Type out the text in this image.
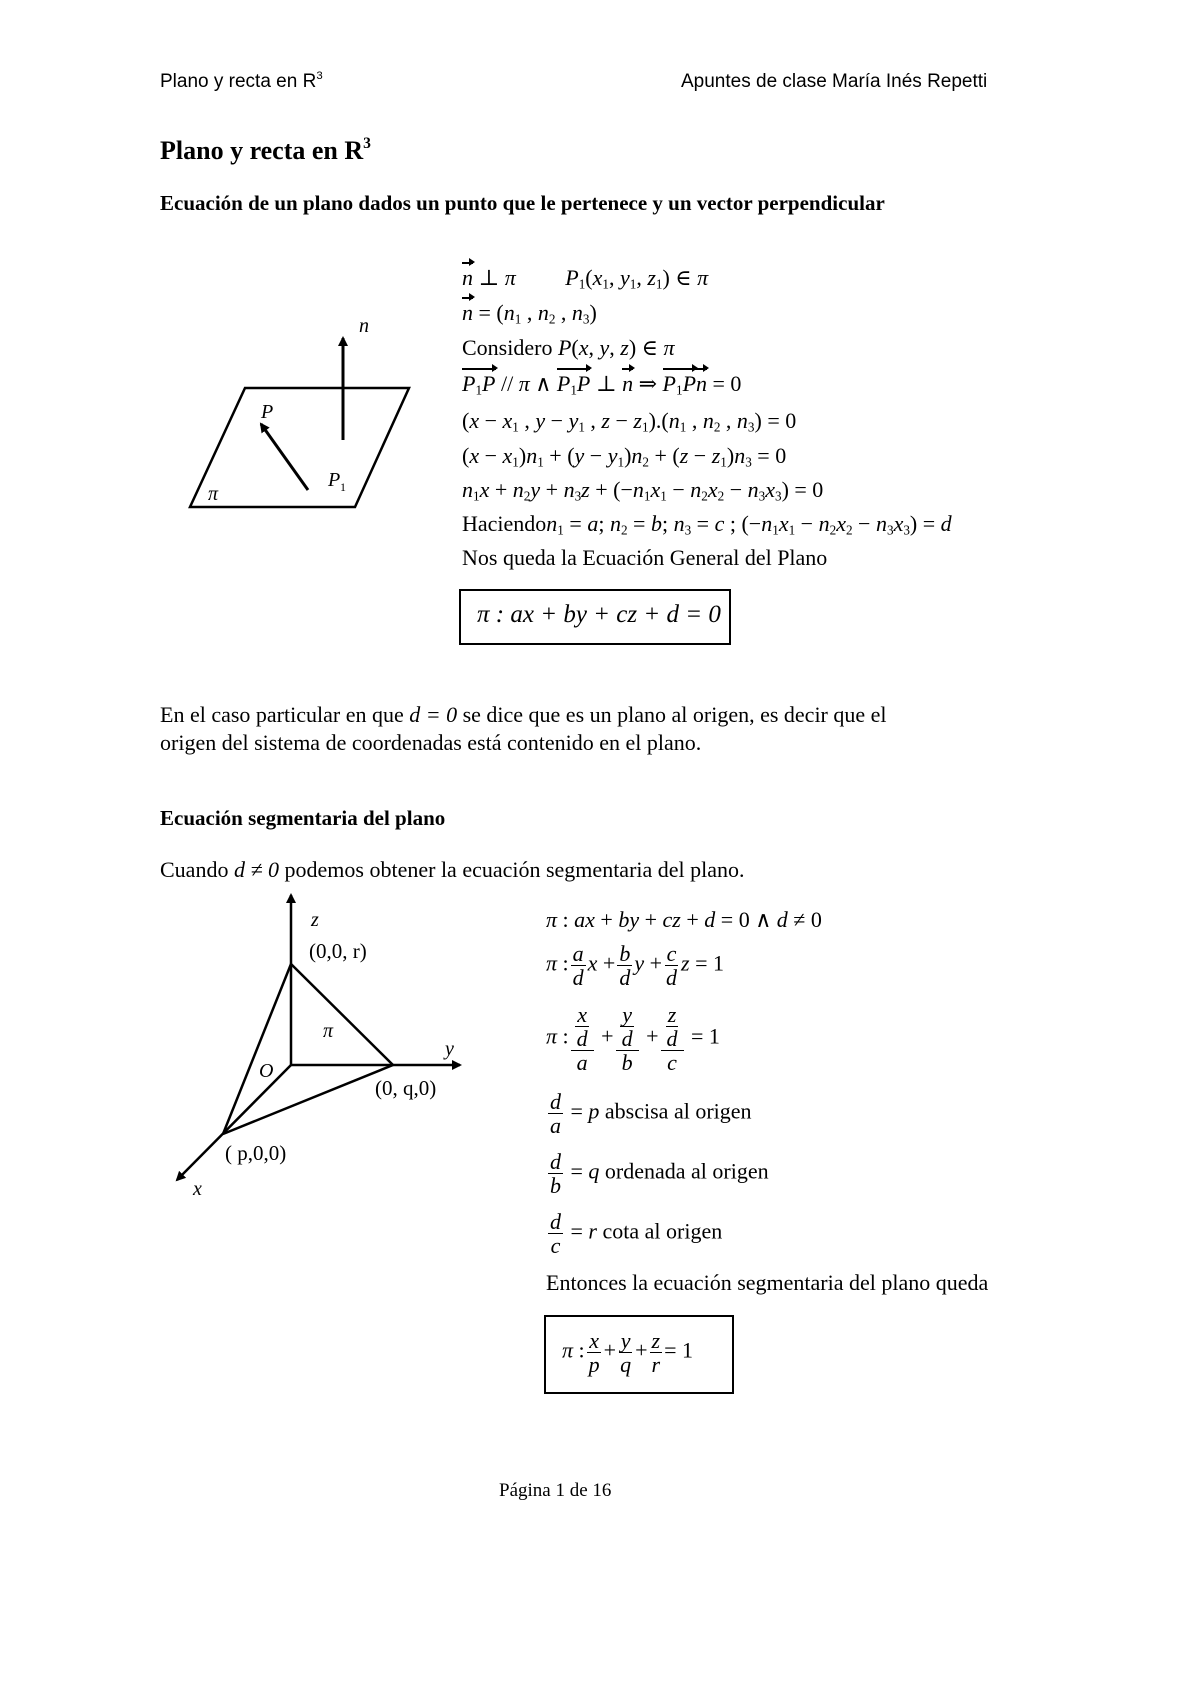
Plano y recta en $R^3$	Apuntes de clase María Inés Repetti
Plano y recta en $R^3$
Ecuación de un plano dados un punto que le pertenece y un vector perpendicular
n
P
P 1
π
n ⊥ π $P_1(x_1$, $y_1$, $z_1$) ∈ π
$n = (n_1$ , $n_2$ , $n_3$)
Considero P(x, y, z) ∈ π
$P_1P$ // π ∧ $P_1P$ ⊥ n ⇒ $P_1Pn = 0$
($x - x_1$ , $y - y_1$ , $z - z_1).(n_1$ , $n_2$ , $n_3) = 0$
$(x - x_1)n_1 + (y - y_1)n_2 + (z - z_1)n_3 = 0$
$n_1x + n_2y + n_3z + (-n_1x_1 - n_2x_2 - n_3x_3) = 0$
Haciendon$_1$ = a; $n_2 = b$; $n_3 = c$ ; $(-n_1x_1 - n_2x_2 - n_3x_3) = d$
Nos queda la Ecuación General del Plano
π : ax + by + cz + d = 0
En el caso particular en que d = 0 se dice que es un plano al origen, es decir que el
origen del sistema de coordenadas está contenido en el plano.
Ecuación segmentaria del plano
Cuando d ≠ 0 podemos obtener la ecuación segmentaria del plano.
z
y
x
O
π
(0,0, r)
(0, q,0)
( p,0,0)
π : ax + by + cz + d = 0 ∧ d ≠ 0
π : $\frac{a}{d}$ $x + \frac{b}{d}$ $y + \frac{c}{d}$ z = 1
π : $\frac{\frac{x}{d}}{a} + \frac{\frac{y}{d}}{b} + \frac{\frac{z}{d}}{c} = 1$
$\frac{d}{a} = p$ abscisa al origen
$\frac{d}{b} = q$ ordenada al origen
$\frac{d}{c} = r$ cota al origen
Entonces la ecuación segmentaria del plano queda
π : $\frac{x}{p} + \frac{y}{q} + \frac{z}{r} = 1$
Página 1 de 16
